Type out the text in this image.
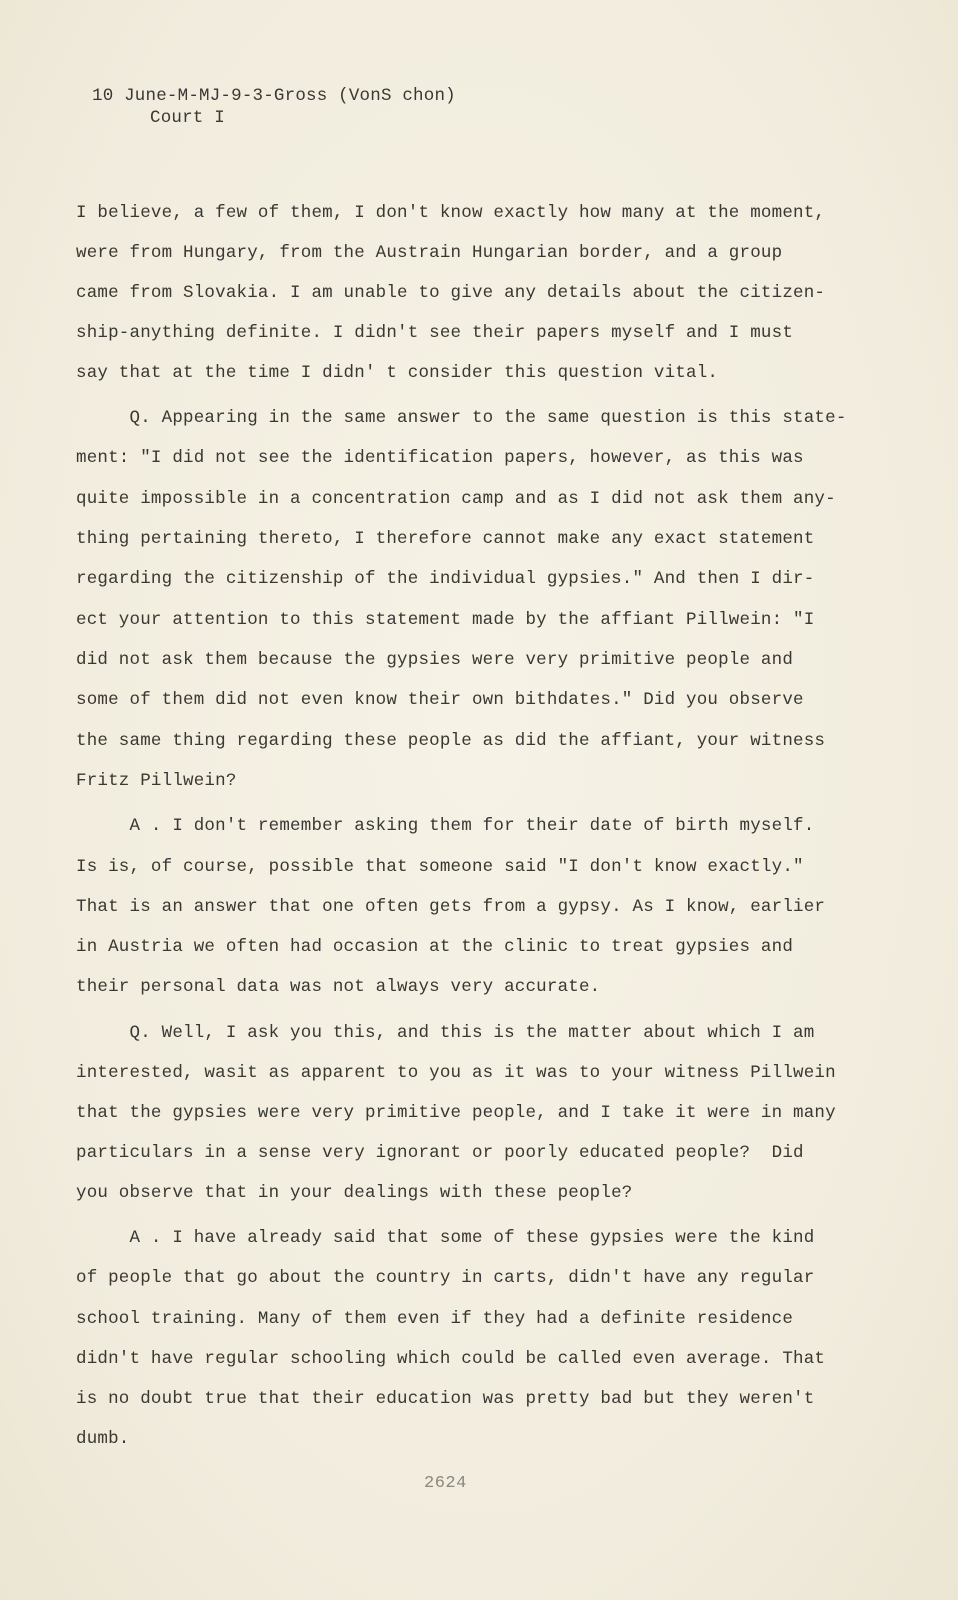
10 June-M-MJ-9-3-Gross (VonS chon)
Court I
I believe, a few of them, I don't know exactly how many at the moment,
were from Hungary, from the Austrain Hungarian border, and a group
came from Slovakia. I am unable to give any details about the citizen-
ship-anything definite. I didn't see their papers myself and I must
say that at the time I didn' t consider this question vital.
Q. Appearing in the same answer to the same question is this state-
ment: "I did not see the identification papers, however, as this was
quite impossible in a concentration camp and as I did not ask them any-
thing pertaining thereto, I therefore cannot make any exact statement
regarding the citizenship of the individual gypsies." And then I dir-
ect your attention to this statement made by the affiant Pillwein: "I
did not ask them because the gypsies were very primitive people and
some of them did not even know their own bithdates." Did you observe
the same thing regarding these people as did the affiant, your witness
Fritz Pillwein?
A . I don't remember asking them for their date of birth myself.
Is is, of course, possible that someone said "I don't know exactly."
That is an answer that one often gets from a gypsy. As I know, earlier
in Austria we often had occasion at the clinic to treat gypsies and
their personal data was not always very accurate.
Q. Well, I ask you this, and this is the matter about which I am
interested, wasit as apparent to you as it was to your witness Pillwein
that the gypsies were very primitive people, and I take it were in many
particulars in a sense very ignorant or poorly educated people?  Did
you observe that in your dealings with these people?
A . I have already said that some of these gypsies were the kind
of people that go about the country in carts, didn't have any regular
school training. Many of them even if they had a definite residence
didn't have regular schooling which could be called even average. That
is no doubt true that their education was pretty bad but they weren't
dumb.
2624
